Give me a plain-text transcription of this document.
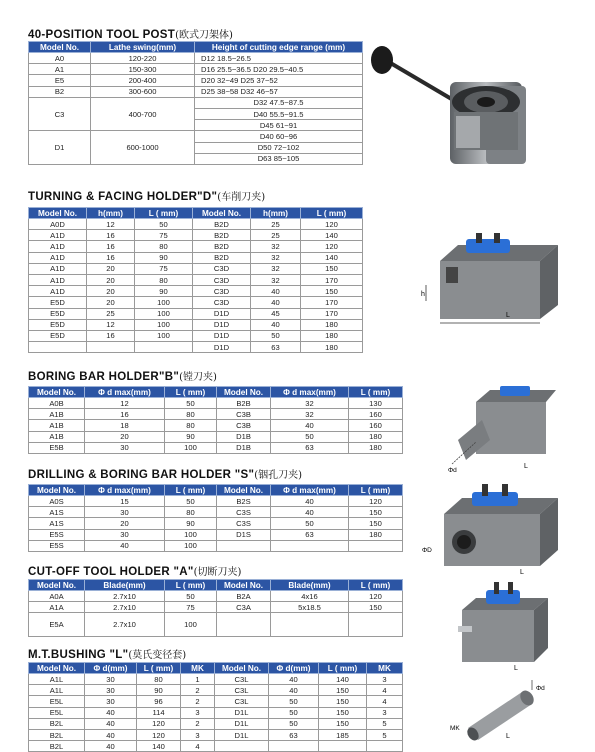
40-POSITION TOOL POST(欧式刀架体)
Model No.	Lathe swing(mm)	Height of cutting edge range (mm)
A0	120-220	D12 18.5~26.5
A1	150-300	D16 25.5~36.5 D20 29.5~40.5
E5	200-400	D20 32~49 D25 37~52
B2	300-600	D25 38~58 D32 46~57
C3	400-700	D32 47.5~87.5
		D40 55.5~91.5
		D45 61~91
D1	600-1000	D40 60~96
		D50 72~102
		D63 85~105
TURNING & FACING HOLDER"D"(车削刀夹)
Model No.	h(mm)	L ( mm)	Model No.	h(mm)	L ( mm)
A0D	12	50	B2D	25	120
A1D	16	75	B2D	25	140
A1D	16	80	B2D	32	120
A1D	16	90	B2D	32	140
A1D	20	75	C3D	32	150
A1D	20	80	C3D	32	170
A1D	20	90	C3D	40	150
E5D	20	100	C3D	40	170
E5D	25	100	D1D	45	170
E5D	12	100	D1D	40	180
E5D	16	100	D1D	50	180
			D1D	63	180
h
L
BORING BAR HOLDER"B"(镗刀夹)
Model No.	Φ d max(mm)	L ( mm)	Model No.	Φ d max(mm)	L ( mm)
A0B	12	50	B2B	32	130
A1B	16	80	C3B	32	160
A1B	18	80	C3B	40	160
A1B	20	90	D1B	50	180
E5B	30	100	D1B	63	180
Φd
L
DRILLING & BORING BAR HOLDER "S"(铟孔刀夹)
Model No.	Φ d max(mm)	L ( mm)	Model No.	Φ d max(mm)	L ( mm)
A0S	15	50	B2S	40	120
A1S	30	80	C3S	40	150
A1S	20	90	C3S	50	150
E5S	30	100	D1S	63	180
E5S	40	100			
ΦD
L
CUT-OFF TOOL HOLDER "A"(切断刀夹)
Model No.	Blade(mm)	L ( mm)	Model No.	Blade(mm)	L ( mm)
A0A	2.7x10	50	B2A	4x16	120
A1A	2.7x10	75	C3A	5x18.5	150
E5A	2.7x10	100			
L
M.T.BUSHING "L"(莫氏变径套)
Model No.	Φ d(mm)	L ( mm)	MK	Model No.	Φ d(mm)	L ( mm)	MK
A1L	30	80	1	C3L	40	140	3
A1L	30	90	2	C3L	40	150	4
E5L	30	96	2	C3L	50	150	4
E5L	40	114	3	D1L	50	150	3
B2L	40	120	2	D1L	50	150	5
B2L	40	120	3	D1L	63	185	5
B2L	40	140	4				
Φd
MK
L
